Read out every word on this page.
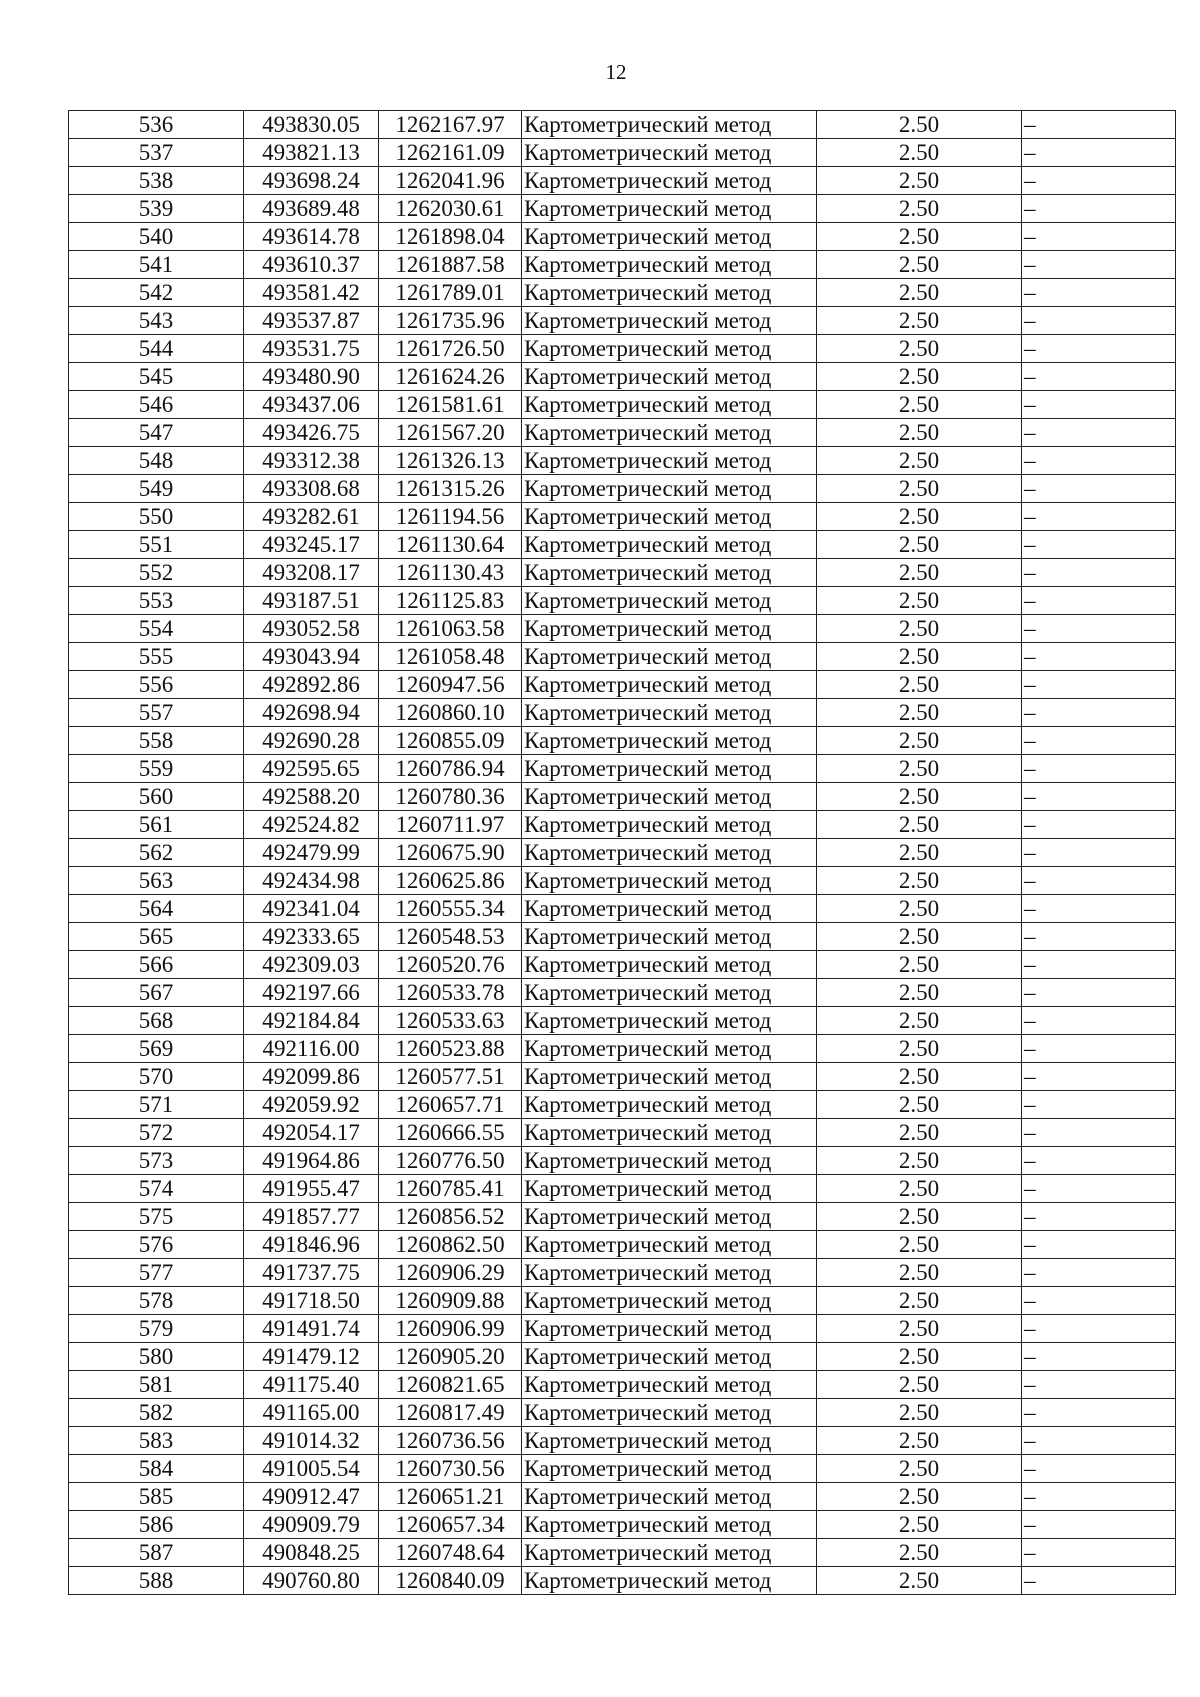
12
536	493830.05	1262167.97	Картометрический метод	2.50	–
537	493821.13	1262161.09	Картометрический метод	2.50	–
538	493698.24	1262041.96	Картометрический метод	2.50	–
539	493689.48	1262030.61	Картометрический метод	2.50	–
540	493614.78	1261898.04	Картометрический метод	2.50	–
541	493610.37	1261887.58	Картометрический метод	2.50	–
542	493581.42	1261789.01	Картометрический метод	2.50	–
543	493537.87	1261735.96	Картометрический метод	2.50	–
544	493531.75	1261726.50	Картометрический метод	2.50	–
545	493480.90	1261624.26	Картометрический метод	2.50	–
546	493437.06	1261581.61	Картометрический метод	2.50	–
547	493426.75	1261567.20	Картометрический метод	2.50	–
548	493312.38	1261326.13	Картометрический метод	2.50	–
549	493308.68	1261315.26	Картометрический метод	2.50	–
550	493282.61	1261194.56	Картометрический метод	2.50	–
551	493245.17	1261130.64	Картометрический метод	2.50	–
552	493208.17	1261130.43	Картометрический метод	2.50	–
553	493187.51	1261125.83	Картометрический метод	2.50	–
554	493052.58	1261063.58	Картометрический метод	2.50	–
555	493043.94	1261058.48	Картометрический метод	2.50	–
556	492892.86	1260947.56	Картометрический метод	2.50	–
557	492698.94	1260860.10	Картометрический метод	2.50	–
558	492690.28	1260855.09	Картометрический метод	2.50	–
559	492595.65	1260786.94	Картометрический метод	2.50	–
560	492588.20	1260780.36	Картометрический метод	2.50	–
561	492524.82	1260711.97	Картометрический метод	2.50	–
562	492479.99	1260675.90	Картометрический метод	2.50	–
563	492434.98	1260625.86	Картометрический метод	2.50	–
564	492341.04	1260555.34	Картометрический метод	2.50	–
565	492333.65	1260548.53	Картометрический метод	2.50	–
566	492309.03	1260520.76	Картометрический метод	2.50	–
567	492197.66	1260533.78	Картометрический метод	2.50	–
568	492184.84	1260533.63	Картометрический метод	2.50	–
569	492116.00	1260523.88	Картометрический метод	2.50	–
570	492099.86	1260577.51	Картометрический метод	2.50	–
571	492059.92	1260657.71	Картометрический метод	2.50	–
572	492054.17	1260666.55	Картометрический метод	2.50	–
573	491964.86	1260776.50	Картометрический метод	2.50	–
574	491955.47	1260785.41	Картометрический метод	2.50	–
575	491857.77	1260856.52	Картометрический метод	2.50	–
576	491846.96	1260862.50	Картометрический метод	2.50	–
577	491737.75	1260906.29	Картометрический метод	2.50	–
578	491718.50	1260909.88	Картометрический метод	2.50	–
579	491491.74	1260906.99	Картометрический метод	2.50	–
580	491479.12	1260905.20	Картометрический метод	2.50	–
581	491175.40	1260821.65	Картометрический метод	2.50	–
582	491165.00	1260817.49	Картометрический метод	2.50	–
583	491014.32	1260736.56	Картометрический метод	2.50	–
584	491005.54	1260730.56	Картометрический метод	2.50	–
585	490912.47	1260651.21	Картометрический метод	2.50	–
586	490909.79	1260657.34	Картометрический метод	2.50	–
587	490848.25	1260748.64	Картометрический метод	2.50	–
588	490760.80	1260840.09	Картометрический метод	2.50	–
